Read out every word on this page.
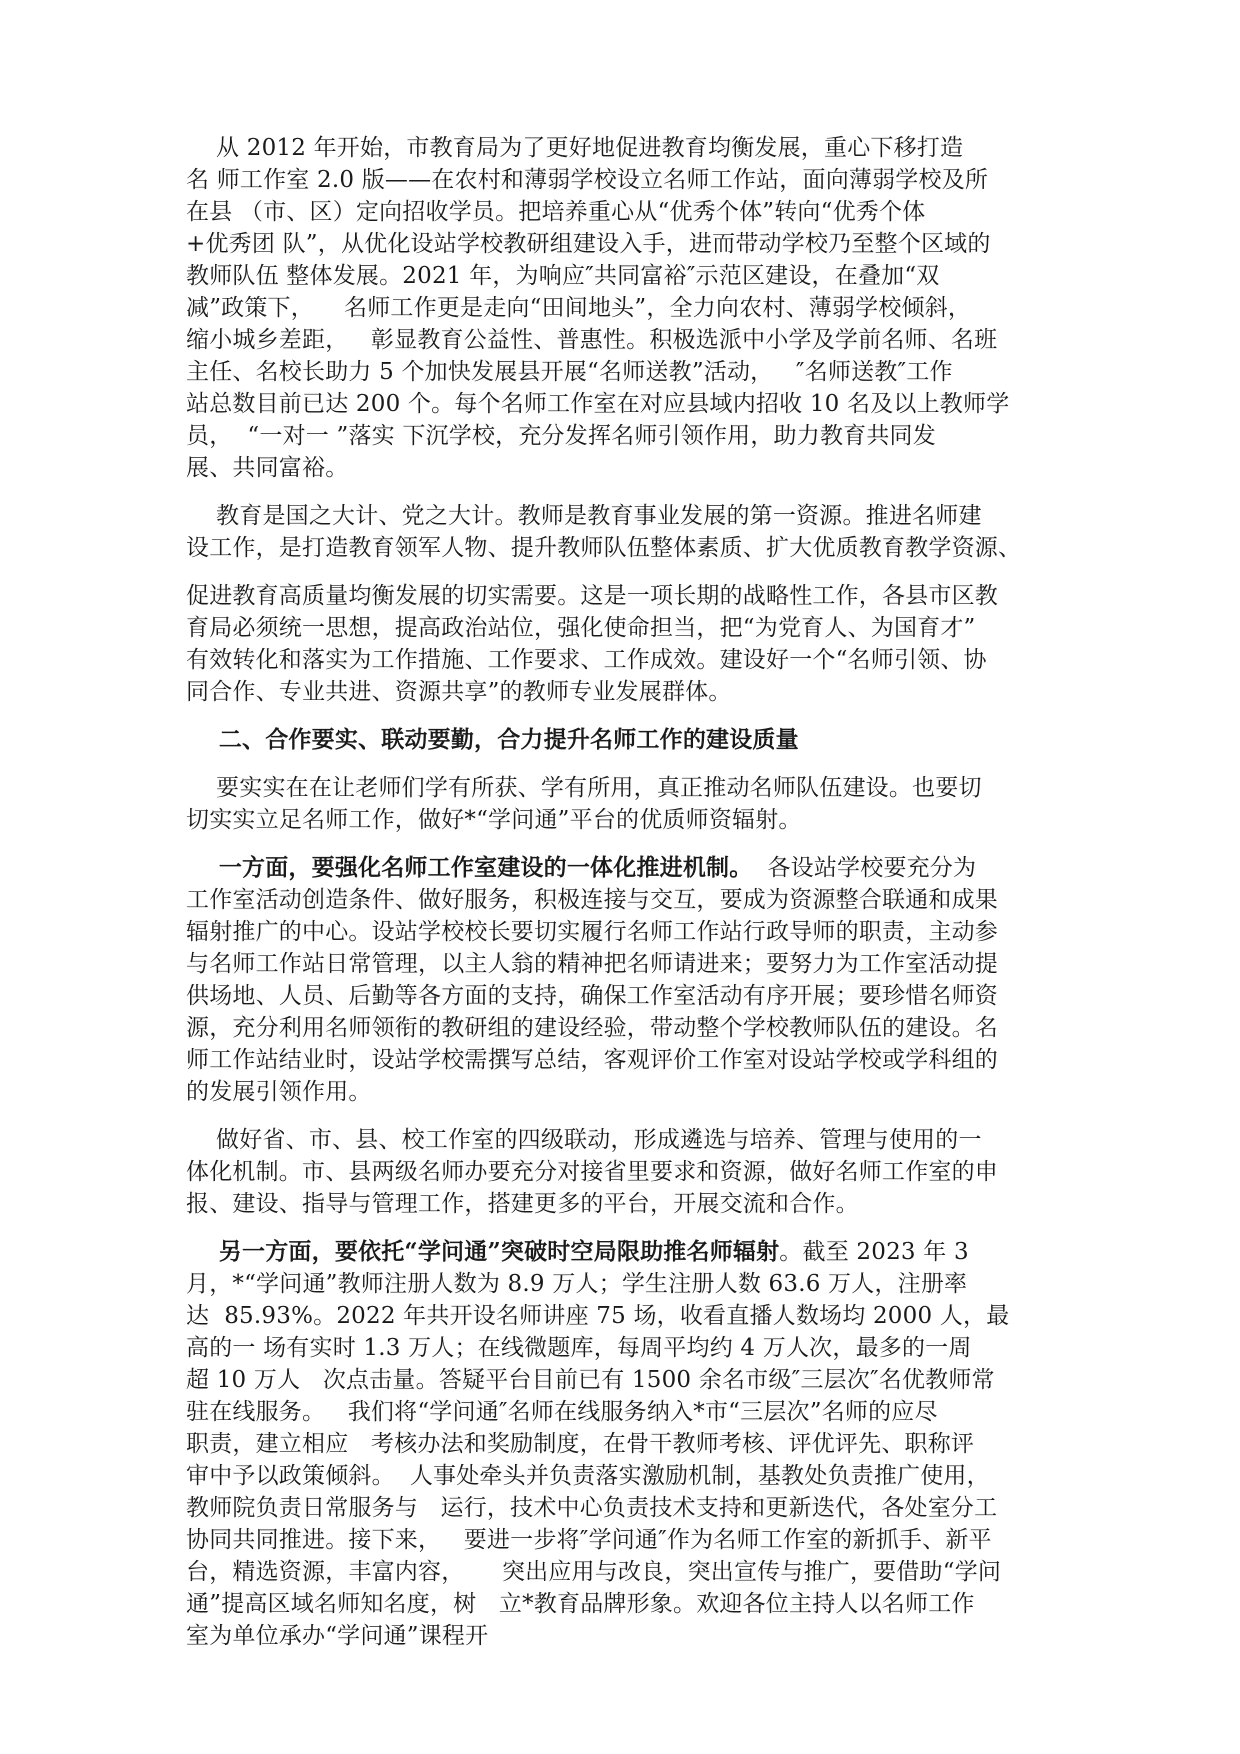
从 2012 年开始，市教育局为了更好地促进教育均衡发展，重心下移打造
名 师工作室 2.0 版——在农村和薄弱学校设立名师工作站，面向薄弱学校及所
在县 （市、区）定向招收学员。把培养重心从“优秀个体”转向“优秀个体
+优秀团 队”，从优化设站学校教研组建设入手，进而带动学校乃至整个区域的
教师队伍 整体发展。2021 年，为响应″共同富裕″示范区建设，在叠加“双
减”政策下，    名师工作更是走向“田间地头”，全力向农村、薄弱学校倾斜，
缩小城乡差距，   彰显教育公益性、普惠性。积极选派中小学及学前名师、名班
主任、名校长助力 5 个加快发展县开展“名师送教”活动，   ″名师送教″工作
站总数目前已达 200 个。每个名师工作室在对应县域内招收 10 名及以上教师学
员，  “一对一 ”落实 下沉学校，充分发挥名师引领作用，助力教育共同发
展、共同富裕。
教育是国之大计、党之大计。教师是教育事业发展的第一资源。推进名师建
设工作，是打造教育领军人物、提升教师队伍整体素质、扩大优质教育教学资源、
促进教育高质量均衡发展的切实需要。这是一项长期的战略性工作，各县市区教
育局必须统一思想，提高政治站位，强化使命担当，把“为党育人、为国育才”
有效转化和落实为工作措施、工作要求、工作成效。建设好一个“名师引领、协
同合作、专业共进、资源共享”的教师专业发展群体。
二、合作要实、联动要勤，合力提升名师工作的建设质量
要实实在在让老师们学有所获、学有所用，真正推动名师队伍建设。也要切
切实实立足名师工作，做好*“学问通”平台的优质师资辐射。
一方面，要强化名师工作室建设的一体化推进机制。  各设站学校要充分为
工作室活动创造条件、做好服务，积极连接与交互，要成为资源整合联通和成果
辐射推广的中心。设站学校校长要切实履行名师工作站行政导师的职责，主动参
与名师工作站日常管理，以主人翁的精神把名师请进来；要努力为工作室活动提
供场地、人员、后勤等各方面的支持，确保工作室活动有序开展；要珍惜名师资
源，充分利用名师领衔的教研组的建设经验，带动整个学校教师队伍的建设。名
师工作站结业时，设站学校需撰写总结，客观评价工作室对设站学校或学科组的
的发展引领作用。
做好省、市、县、校工作室的四级联动，形成遴选与培养、管理与使用的一
体化机制。市、县两级名师办要充分对接省里要求和资源，做好名师工作室的申
报、建设、指导与管理工作，搭建更多的平台，开展交流和合作。
另一方面，要依托“学问通”突破时空局限助推名师辐射。截至 2023 年 3
月，*“学问通”教师注册人数为 8.9 万人；学生注册人数 63.6 万人，注册率
达  85.93%。2022 年共开设名师讲座 75 场，收看直播人数场均 2000 人，最
高的一 场有实时 1.3 万人；在线微题库，每周平均约 4 万人次，最多的一周
超 10 万人   次点击量。答疑平台目前已有 1500 余名市级″三层次″名优教师常
驻在线服务。   我们将“学问通″名师在线服务纳入*市“三层次”名师的应尽
职责，建立相应   考核办法和奖励制度，在骨干教师考核、评优评先、职称评
审中予以政策倾斜。  人事处牵头并负责落实激励机制，基教处负责推广使用，
教师院负责日常服务与   运行，技术中心负责技术支持和更新迭代，各处室分工
协同共同推进。接下来，   要进一步将″学问通″作为名师工作室的新抓手、新平
台，精选资源，丰富内容，     突出应用与改良，突出宣传与推广，要借助“学问
通”提高区域名师知名度，树   立*教育品牌形象。欢迎各位主持人以名师工作
室为单位承办“学问通”课程开
